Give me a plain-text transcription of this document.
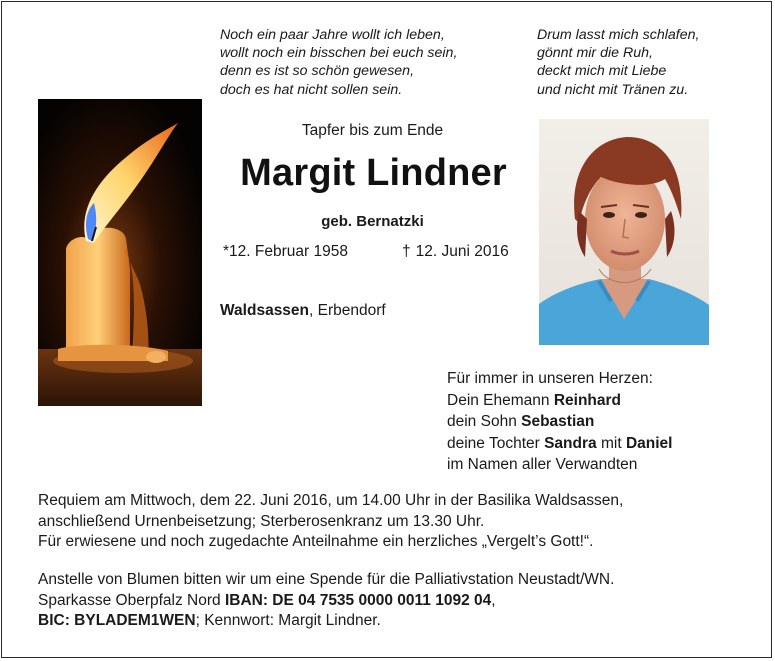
Noch ein paar Jahre wollt ich leben,
wollt noch ein bisschen bei euch sein,
denn es ist so schön gewesen,
doch es hat nicht sollen sein.
Drum lasst mich schlafen,
gönnt mir die Ruh,
deckt mich mit Liebe
und nicht mit Tränen zu.
Tapfer bis zum Ende
Margit Lindner
geb. Bernatzki
*12. Februar 1958	† 12. Juni 2016
Waldsassen, Erbendorf
Für immer in unseren Herzen:
Dein Ehemann Reinhard
dein Sohn Sebastian
deine Tochter Sandra mit Daniel
im Namen aller Verwandten
Requiem am Mittwoch, dem 22. Juni 2016, um 14.00 Uhr in der Basilika Waldsassen,
anschließend Urnenbeisetzung; Sterberosenkranz um 13.30 Uhr.
Für erwiesene und noch zugedachte Anteilnahme ein herzliches „Vergelt’s Gott!“.
Anstelle von Blumen bitten wir um eine Spende für die Palliativstation Neustadt/WN.
Sparkasse Oberpfalz Nord IBAN: DE 04 7535 0000 0011 1092 04,
BIC: BYLADEM1WEN; Kennwort: Margit Lindner.
